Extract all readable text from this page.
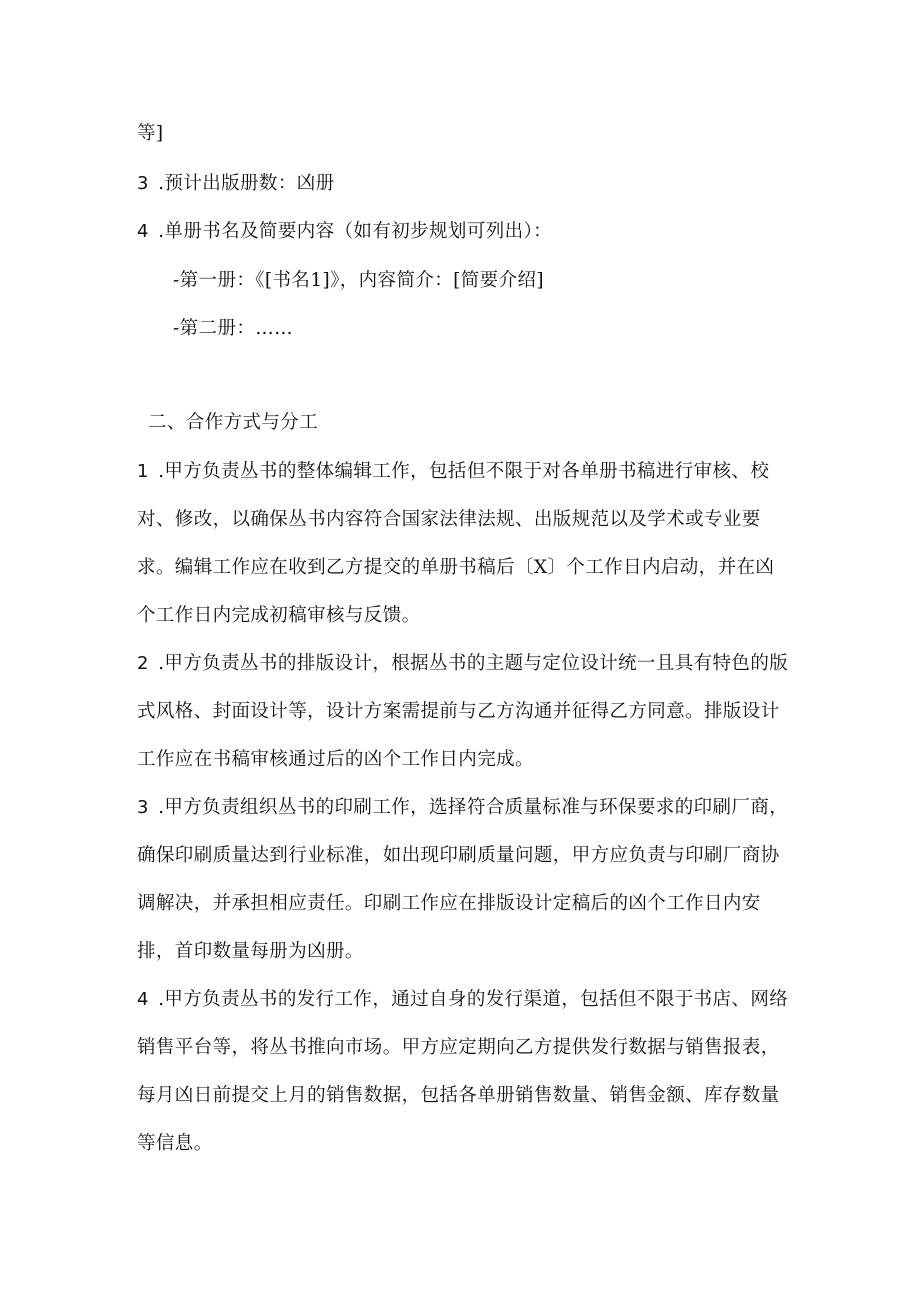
等]
3 .预计出版册数：凶册
4 .单册书名及简要内容（如有初步规划可列出）：
-第一册：《[书名1]》，内容简介：[简要介绍]
-第二册：……
二、合作方式与分工
1 .甲方负责丛书的整体编辑工作，包括但不限于对各单册书稿进行审核、校
对、修改，以确保丛书内容符合国家法律法规、出版规范以及学术或专业要
求。编辑工作应在收到乙方提交的单册书稿后〔X〕个工作日内启动，并在凶
个工作日内完成初稿审核与反馈。
2 .甲方负责丛书的排版设计，根据丛书的主题与定位设计统一且具有特色的版
式风格、封面设计等，设计方案需提前与乙方沟通并征得乙方同意。排版设计
工作应在书稿审核通过后的凶个工作日内完成。
3 .甲方负责组织丛书的印刷工作，选择符合质量标准与环保要求的印刷厂商，
确保印刷质量达到行业标准，如出现印刷质量问题，甲方应负责与印刷厂商协
调解决，并承担相应责任。印刷工作应在排版设计定稿后的凶个工作日内安
排，首印数量每册为凶册。
4 .甲方负责丛书的发行工作，通过自身的发行渠道，包括但不限于书店、网络
销售平台等，将丛书推向市场。甲方应定期向乙方提供发行数据与销售报表，
每月凶日前提交上月的销售数据，包括各单册销售数量、销售金额、库存数量
等信息。
